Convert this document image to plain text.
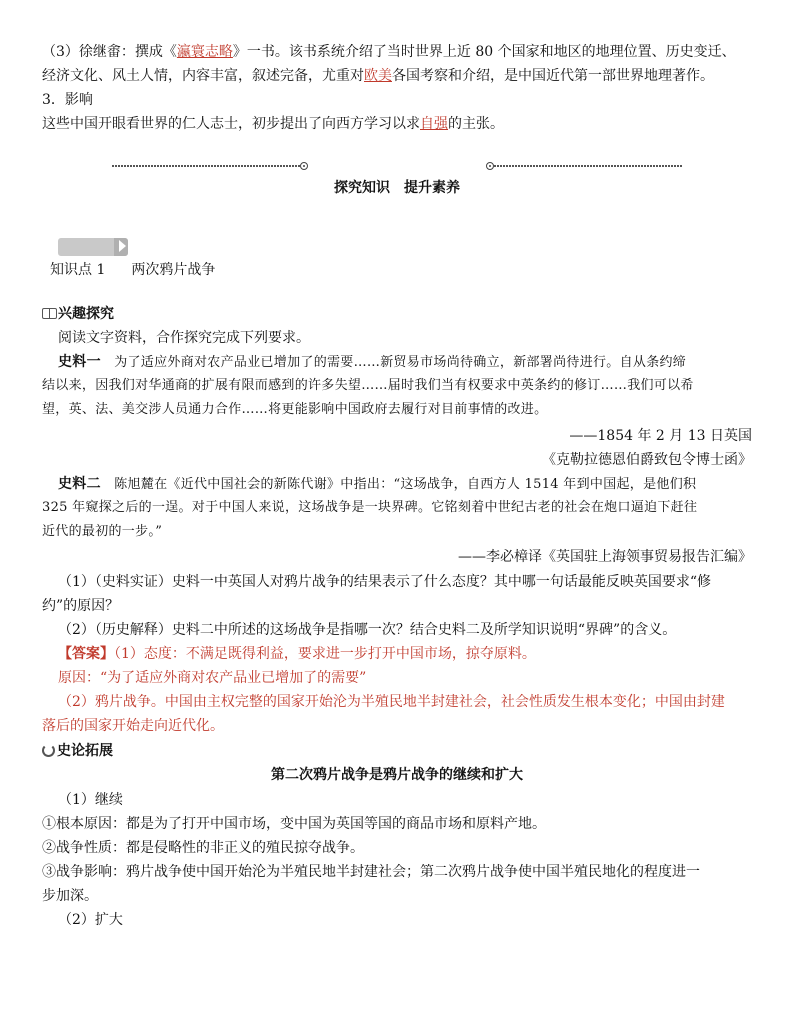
（3）徐继畬：撰成《瀛寰志略》一书。该书系统介绍了当时世界上近 80 个国家和地区的地理位置、历史变迁、
经济文化、风土人情，内容丰富，叙述完备，尤重对欧美各国考察和介绍，是中国近代第一部世界地理著作。
3．影响
这些中国开眼看世界的仁人志士，初步提出了向西方学习以求自强的主张。
探究知识　提升素养
知识点 1 两次鸦片战争
兴趣探究
阅读文字资料，合作探究完成下列要求。
史料一　为了适应外商对农产品业已增加了的需要……新贸易市场尚待确立，新部署尚待进行。自从条约缔
结以来，因我们对华通商的扩展有限而感到的许多失望……届时我们当有权要求中英条约的修订……我们可以希
望，英、法、美交涉人员通力合作……将更能影响中国政府去履行对目前事情的改进。
——1854 年 2 月 13 日英国
《克勒拉德恩伯爵致包令博士函》
史料二　陈旭麓在《近代中国社会的新陈代谢》中指出：“这场战争，自西方人 1514 年到中国起，是他们积
325 年窥探之后的一逞。对于中国人来说，这场战争是一块界碑。它铭刻着中世纪古老的社会在炮口逼迫下赶往
近代的最初的一步。”
——李必樟译《英国驻上海领事贸易报告汇编》
（1）（史料实证）史料一中英国人对鸦片战争的结果表示了什么态度？其中哪一句话最能反映英国要求“修
约”的原因？
（2）（历史解释）史料二中所述的这场战争是指哪一次？结合史料二及所学知识说明“界碑”的含义。
【答案】（1）态度：不满足既得利益，要求进一步打开中国市场，掠夺原料。
原因：“为了适应外商对农产品业已增加了的需要”
（2）鸦片战争。中国由主权完整的国家开始沦为半殖民地半封建社会，社会性质发生根本变化；中国由封建
落后的国家开始走向近代化。
史论拓展
第二次鸦片战争是鸦片战争的继续和扩大
（1）继续
①根本原因：都是为了打开中国市场，变中国为英国等国的商品市场和原料产地。
②战争性质：都是侵略性的非正义的殖民掠夺战争。
③战争影响：鸦片战争使中国开始沦为半殖民地半封建社会；第二次鸦片战争使中国半殖民地化的程度进一
步加深。
（2）扩大
